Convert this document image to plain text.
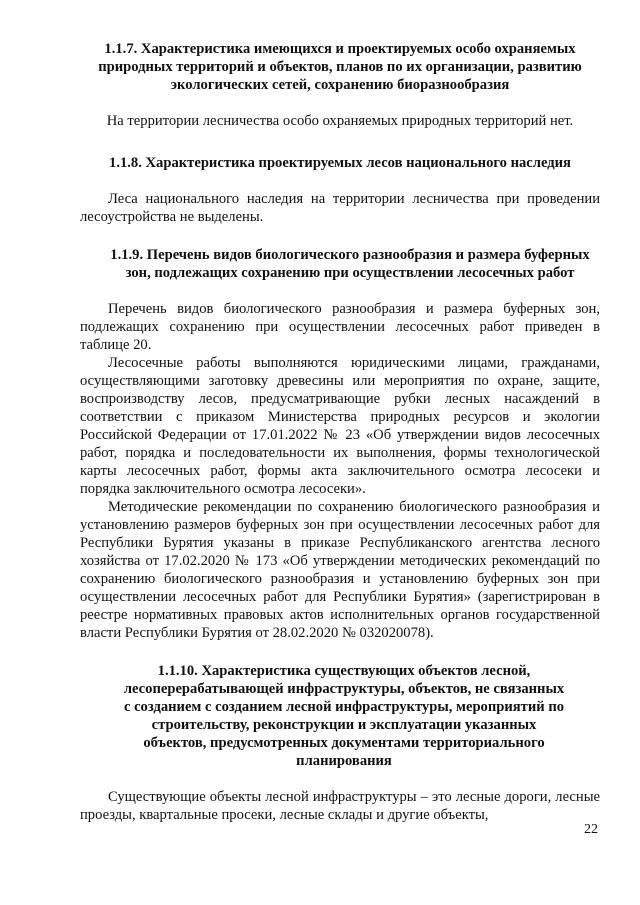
1.1.7. Характеристика имеющихся и проектируемых особо охраняемых природных территорий и объектов, планов по их организации, развитию экологических сетей, сохранению биоразнообразия

На территории лесничества особо охраняемых природных территорий нет.

1.1.8. Характеристика проектируемых лесов национального наследия

Леса национального наследия на территории лесничества при проведении лесоустройства не выделены.

1.1.9. Перечень видов биологического разнообразия и размера буферных зон, подлежащих сохранению при осуществлении лесосечных работ

Перечень видов биологического разнообразия и размера буферных зон, подлежащих сохранению при осуществлении лесосечных работ приведен в таблице 20.

Лесосечные работы выполняются юридическими лицами, гражданами, осуществляющими заготовку древесины или мероприятия по охране, защите, воспроизводству лесов, предусматривающие рубки лесных насаждений в соответствии с приказом Министерства природных ресурсов и экологии Российской Федерации от 17.01.2022 № 23 «Об утверждении видов лесосечных работ, порядка и последовательности их выполнения, формы технологической карты лесосечных работ, формы акта заключительного осмотра лесосеки и порядка заключительного осмотра лесосеки».

Методические рекомендации по сохранению биологического разнообразия и установлению размеров буферных зон при осуществлении лесосечных работ для Республики Бурятия указаны в приказе Республиканского агентства лесного хозяйства от 17.02.2020 № 173 «Об утверждении методических рекомендаций по сохранению биологического разнообразия и установлению буферных зон при осуществлении лесосечных работ для Республики Бурятия» (зарегистрирован в реестре нормативных правовых актов исполнительных органов государственной власти Республики Бурятия от 28.02.2020 № 032020078).

1.1.10. Характеристика существующих объектов лесной, лесоперерабатывающей инфраструктуры, объектов, не связанных с созданием с созданием лесной инфраструктуры, мероприятий по строительству, реконструкции и эксплуатации указанных объектов, предусмотренных документами территориального планирования

Существующие объекты лесной инфраструктуры – это лесные дороги, лесные проезды, квартальные просеки, лесные склады и другие объекты,

22
